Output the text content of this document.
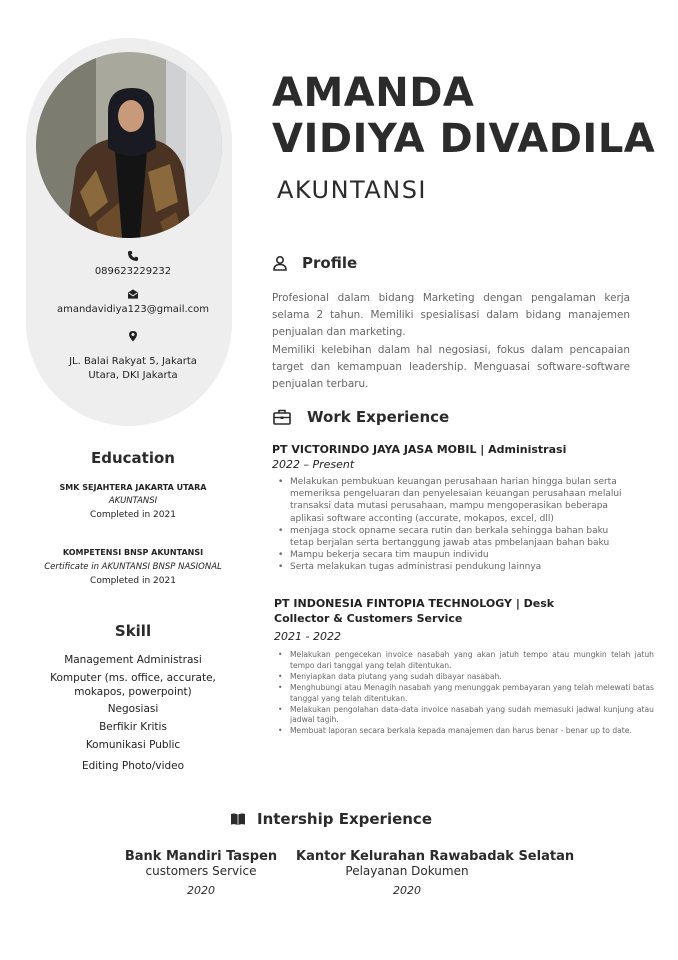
089623229232
amandavidiya123@gmail.com
JL. Balai Rakyat 5, Jakarta
Utara, DKI Jakarta
Education
SMK SEJAHTERA JAKARTA UTARA
AKUNTANSI
Completed in 2021
KOMPETENSI BNSP AKUNTANSI
Certificate in AKUNTANSI BNSP NASIONAL
Completed in 2021
Skill
Management Administrasi
Komputer (ms. office, accurate,
mokapos, powerpoint)
Negosiasi
Berfikir Kritis
Komunikasi Public
Editing Photo/video
AMANDA
VIDIYA DIVADILA
AKUNTANSI
Profile
Profesional dalam bidang Marketing dengan pengalaman kerja selama 2 tahun. Memiliki spesialisasi dalam bidang manajemen penjualan dan marketing.
Memiliki kelebihan dalam hal negosiasi, fokus dalam pencapaian target dan kemampuan leadership. Menguasai software-software penjualan terbaru.
Work Experience
PT VICTORINDO JAYA JASA MOBIL | Administrasi
2022 – Present
• Melakukan pembukuan keuangan perusahaan harian hingga bulan serta memeriksa pengeluaran dan penyelesaian keuangan perusahaan melalui transaksi data mutasi perusahaan, mampu mengoperasikan beberapa aplikasi software acconting (accurate, mokapos, excel, dll)
• menjaga stock opname secara rutin dan berkala sehingga bahan baku tetap berjalan serta bertanggung jawab atas pmbelanjaan bahan baku
• Mampu bekerja secara tim maupun individu
• Serta melakukan tugas administrasi pendukung lainnya
PT INDONESIA FINTOPIA TECHNOLOGY | Desk
Collector & Customers Service
2021 - 2022
• Melakukan pengecekan invoice nasabah yang akan jatuh tempo atau mungkin telah jatuh tempo dari tanggal yang telah ditentukan.
• Menyiapkan data piutang yang sudah dibayar nasabah.
• Menghubungi atau Menagih nasabah yang menunggak pembayaran yang telah melewati batas tanggal yang telah ditentukan.
• Melakukan pengolahan data-data invoice nasabah yang sudah memasuki jadwal kunjung atau jadwal tagih.
• Membuat laporan secara berkala kepada manajemen dan harus benar - benar up to date.
Intership Experience
Bank Mandiri Taspen
customers Service
2020
Kantor Kelurahan Rawabadak Selatan
Pelayanan Dokumen
2020
